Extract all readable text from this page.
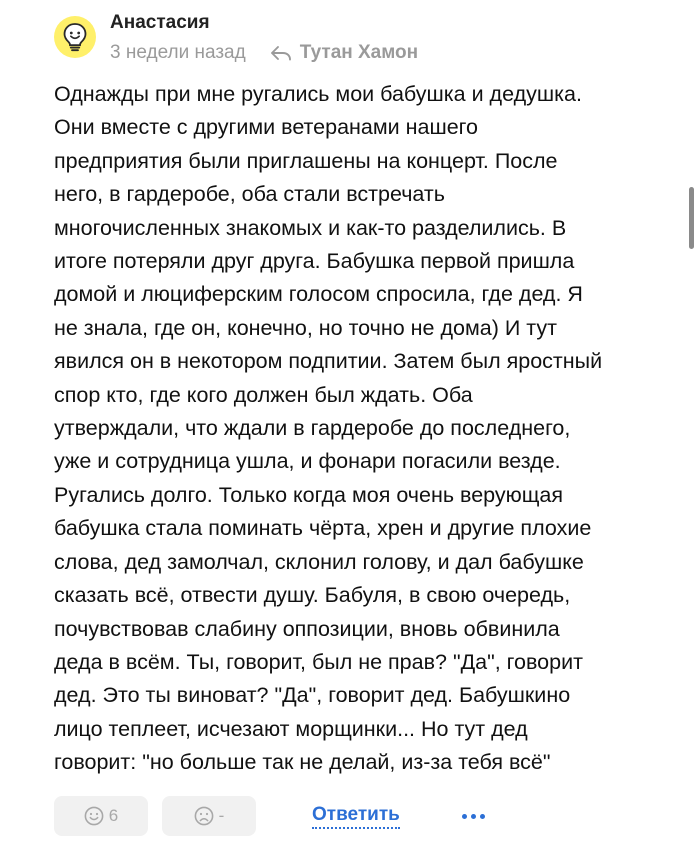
Анастасия
3 недели назад	Тутан Хамон

Однажды при мне ругались мои бабушка и дедушка.
Они вместе с другими ветеранами нашего
предприятия были приглашены на концерт. После
него, в гардеробе, оба стали встречать
многочисленных знакомых и как-то разделились. В
итоге потеряли друг друга. Бабушка первой пришла
домой и люциферским голосом спросила, где дед. Я
не знала, где он, конечно, но точно не дома) И тут
явился он в некотором подпитии. Затем был яростный
спор кто, где кого должен был ждать. Оба
утверждали, что ждали в гардеробе до последнего,
уже и сотрудница ушла, и фонари погасили везде.
Ругались долго. Только когда моя очень верующая
бабушка стала поминать чёрта, хрен и другие плохие
слова, дед замолчал, склонил голову, и дал бабушке
сказать всё, отвести душу. Бабуля, в свою очередь,
почувствовав слабину оппозиции, вновь обвинила
деда в всём. Ты, говорит, был не прав? "Да", говорит
дед. Это ты виноват? "Да", говорит дед. Бабушкино
лицо теплеет, исчезают морщинки... Но тут дед
говорит: "но больше так не делай, из-за тебя всё"

6	-	Ответить
